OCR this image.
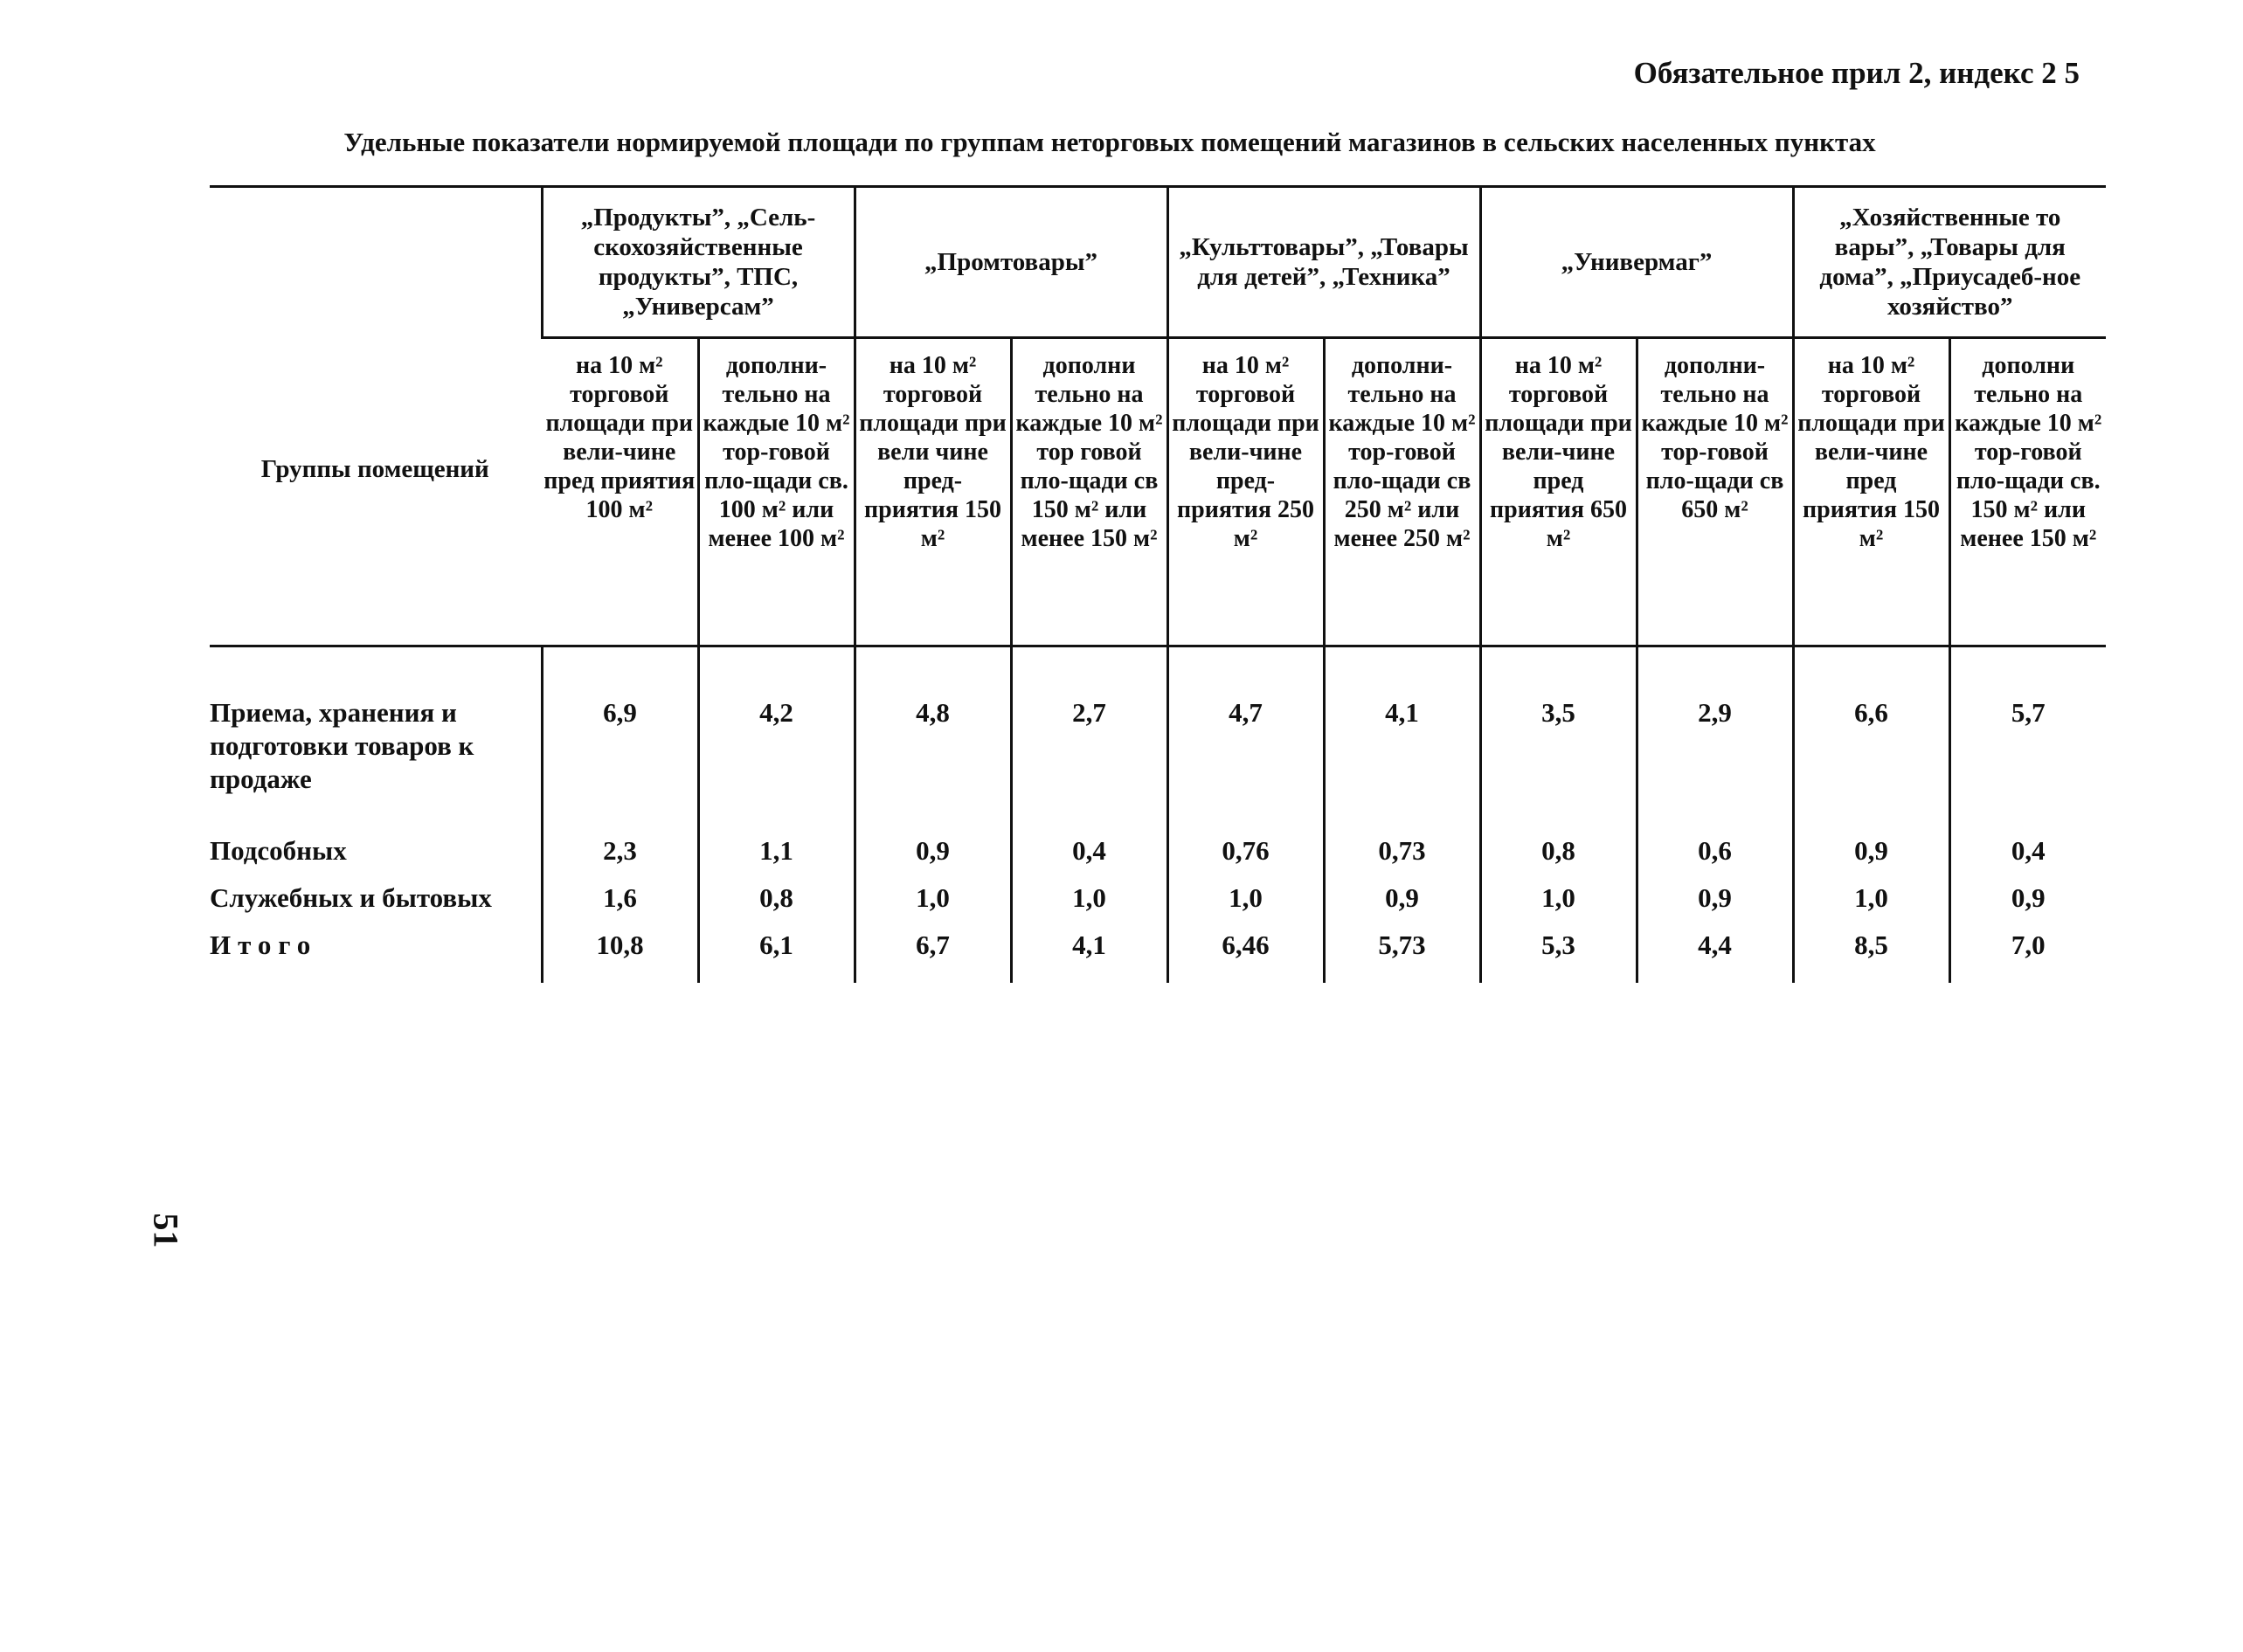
Обязательное прил 2, индекс 2 5
Удельные показатели нормируемой площади по группам неторговых помещений магазинов в сельских населенных пунктах
Группы помещений	„Продукты”, „Сель-скохозяйственные продукты”, ТПС, „Универсам”		„Промтовары”		„Культтовары”, „Товары для детей”, „Техника”		„Универмаг”		„Хозяйственные то вары”, „Товары для дома”, „Приусадеб-ное хозяйство”	
	на 10 м² торговой площади при вели-чине пред приятия 100 м²	дополни-тельно на каждые 10 м² тор-говой пло-щади св. 100 м² или менее 100 м²	на 10 м² торговой площади при вели чине пред-приятия 150 м²	дополни тельно на каждые 10 м² тор говой пло-щади св 150 м² или менее 150 м²	на 10 м² торговой площади при вели-чине пред-приятия 250 м²	дополни-тельно на каждые 10 м² тор-говой пло-щади св 250 м² или менее 250 м²	на 10 м² торговой площади при вели-чине пред приятия 650 м²	дополни-тельно на каждые 10 м² тор-говой пло-щади св 650 м²	на 10 м² торговой площади при вели-чине пред приятия 150 м²	дополни тельно на каждые 10 м² тор-говой пло-щади св. 150 м² или менее 150 м²
Приема, хранения и подготовки товаров к продаже	6,9	4,2	4,8	2,7	4,7	4,1	3,5	2,9	6,6	5,7
Подсобных	2,3	1,1	0,9	0,4	0,76	0,73	0,8	0,6	0,9	0,4
Служебных и бытовых	1,6	0,8	1,0	1,0	1,0	0,9	1,0	0,9	1,0	0,9
Итого	10,8	6,1	6,7	4,1	6,46	5,73	5,3	4,4	8,5	7,0
51
